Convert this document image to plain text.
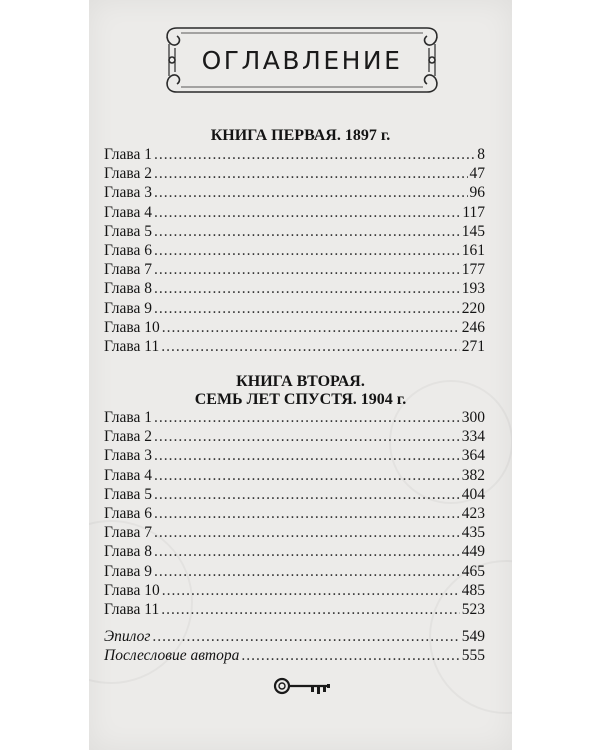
ОГЛАВЛЕНИЕ
КНИГА ПЕРВАЯ. 1897 г.
Глава 1 .....	8
Глава 2 .....	47
Глава 3 .....	96
Глава 4 .....	117
Глава 5 .....	145
Глава 6 .....	161
Глава 7 .....	177
Глава 8 .....	193
Глава 9 .....	220
Глава 10 .....	246
Глава 11 .....	271
КНИГА ВТОРАЯ.
СЕМЬ ЛЕТ СПУСТЯ. 1904 г.
Глава 1 .....	300
Глава 2 .....	334
Глава 3 .....	364
Глава 4 .....	382
Глава 5 .....	404
Глава 6 .....	423
Глава 7 .....	435
Глава 8 .....	449
Глава 9 .....	465
Глава 10 .....	485
Глава 11 .....	523
Эпилог .....	549
Послесловие автора .....	555
